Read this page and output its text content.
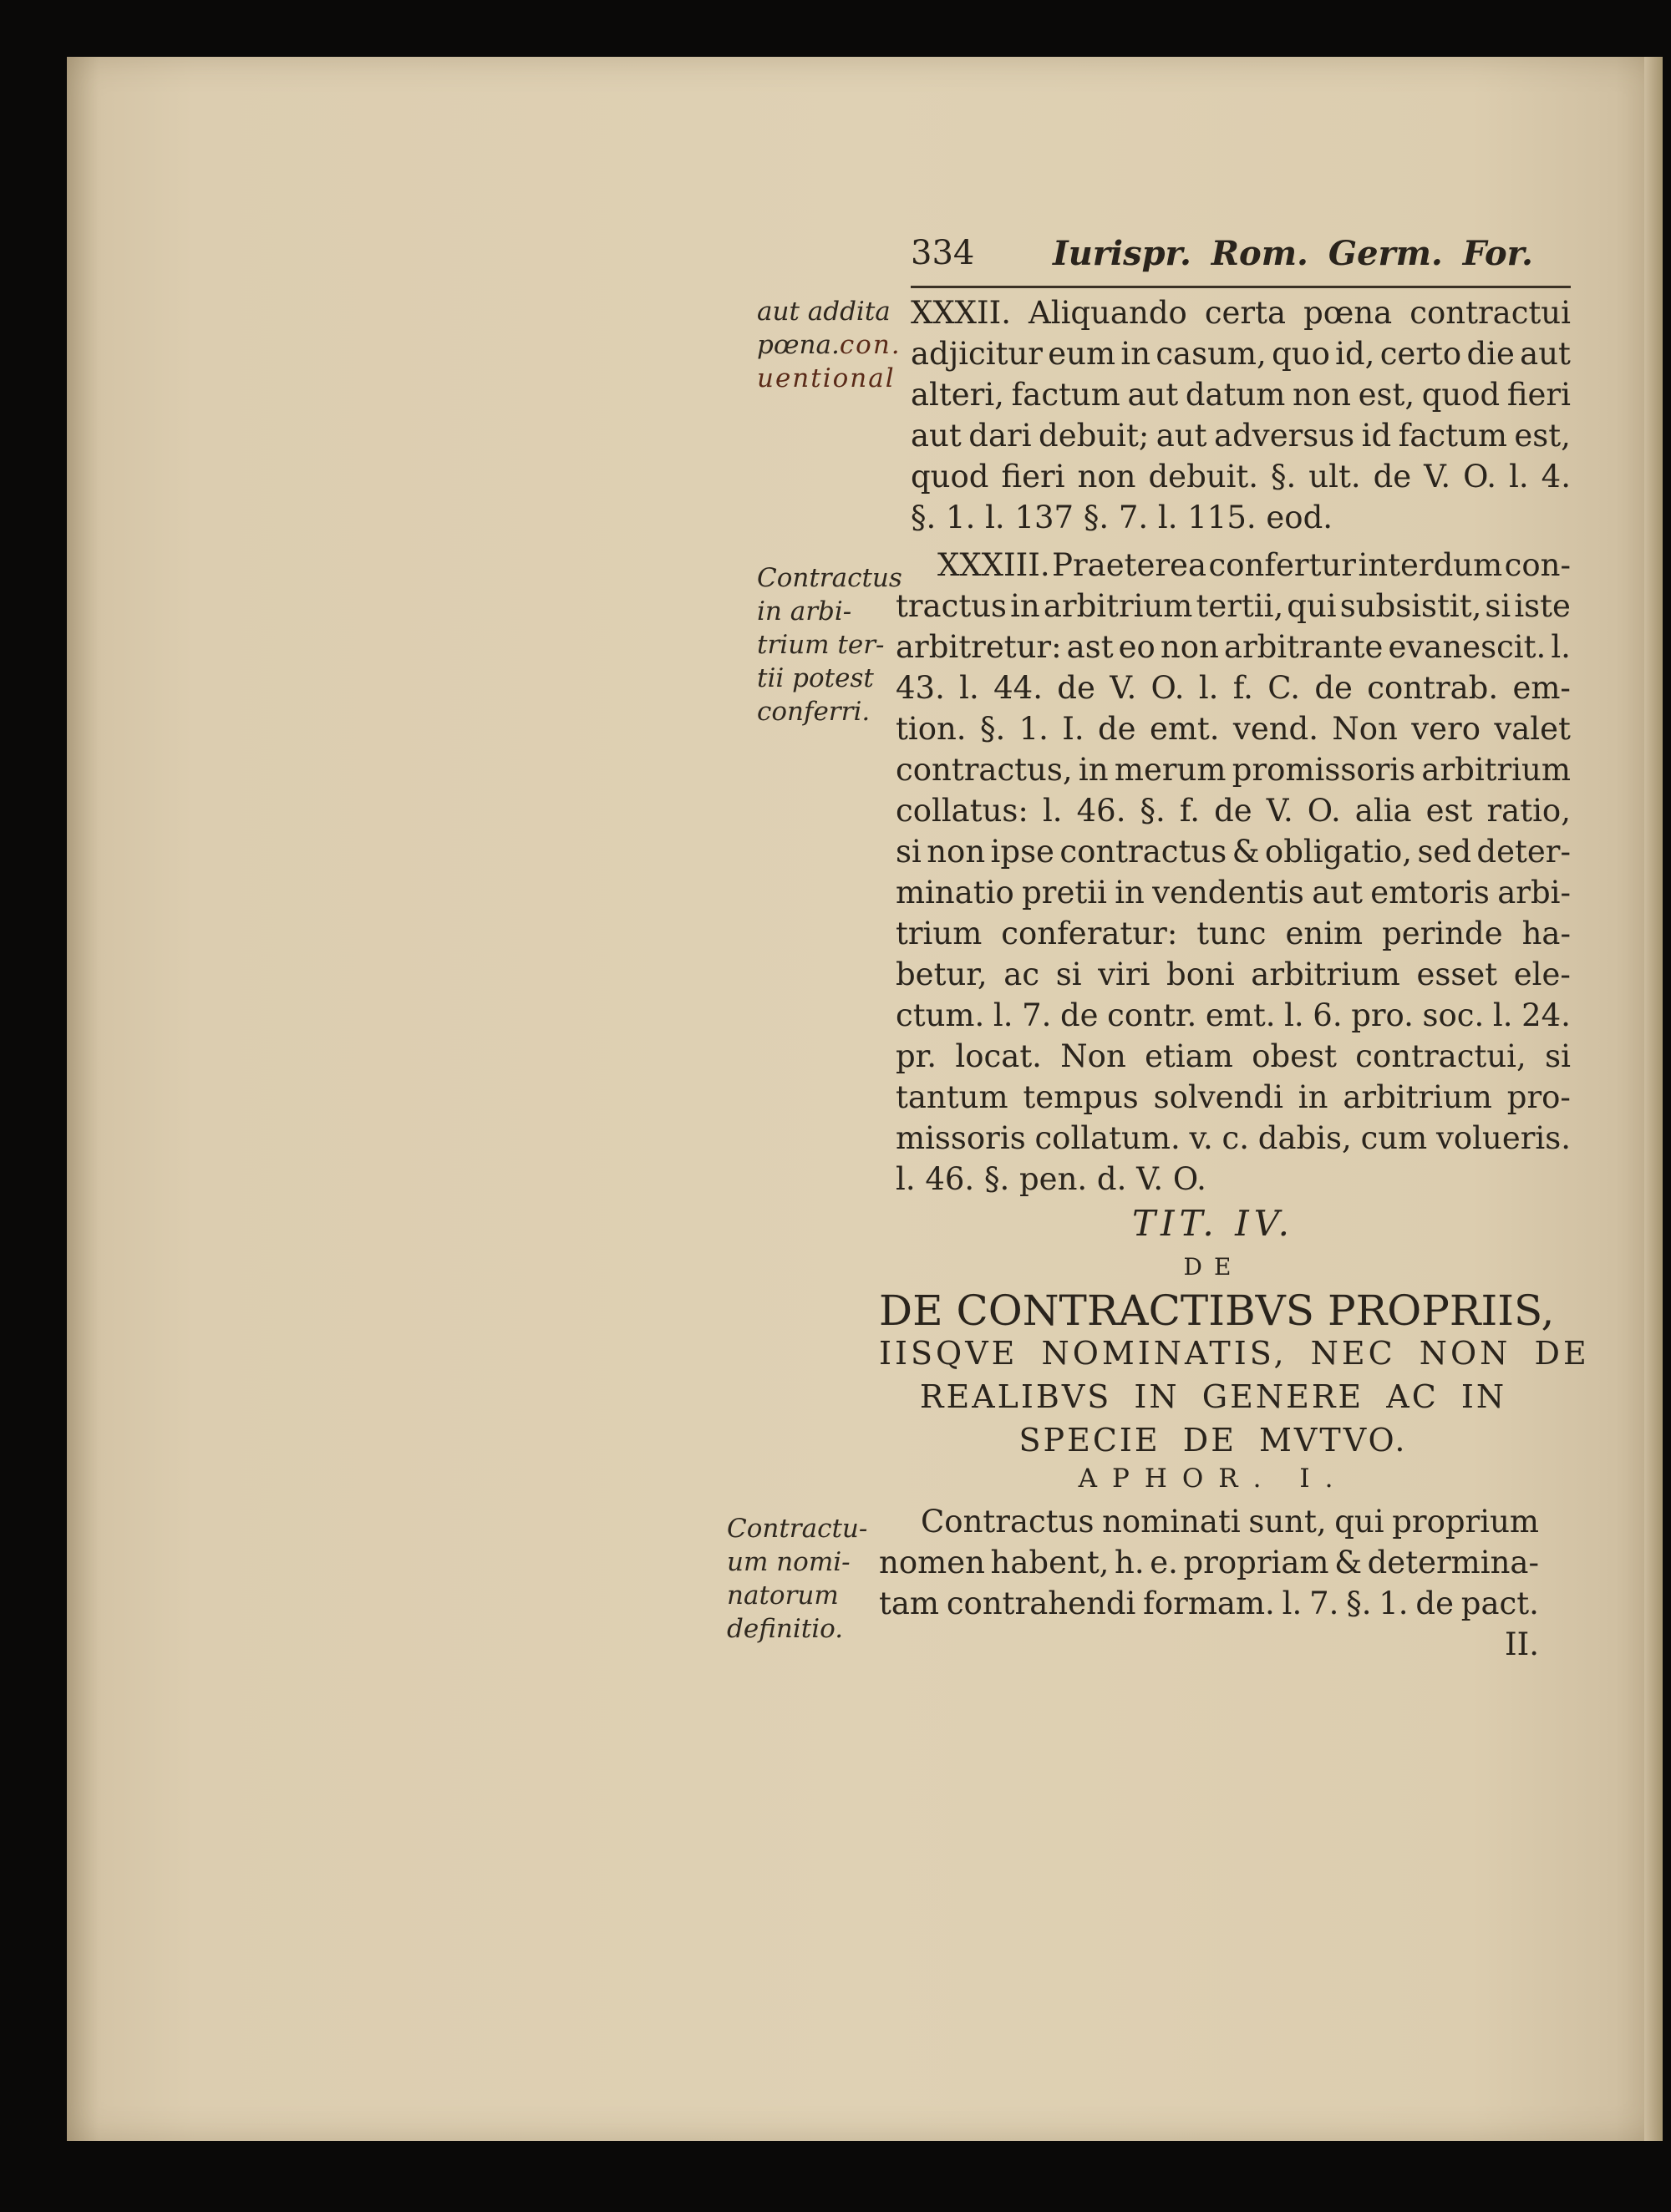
334 Iurispr. Rom. Germ. For.
aut addita
pœna.con.
uentional
XXXII. Aliquando certa pœna contractui
adjicitur eum in casum, quo id, certo die aut
alteri, factum aut datum non est, quod fieri
aut dari debuit; aut adversus id factum est,
quod fieri non debuit. §. ult. de V. O. l. 4.
§. 1. l. 137 §. 7. l. 115. eod.
Contractus
in arbi-
trium ter-
tii potest
conferri.
XXXIII. Praeterea confertur interdum con-
tractus in arbitrium tertii, qui subsistit, si iste
arbitretur: ast eo non arbitrante evanescit. l.
43. l. 44. de V. O. l. f. C. de contrab. em-
tion. §. 1. I. de emt. vend. Non vero valet
contractus, in merum promissoris arbitrium
collatus: l. 46. §. f. de V. O. alia est ratio,
si non ipse contractus & obligatio, sed deter-
minatio pretii in vendentis aut emtoris arbi-
trium conferatur: tunc enim perinde ha-
betur, ac si viri boni arbitrium esset ele-
ctum. l. 7. de contr. emt. l. 6. pro. soc. l. 24.
pr. locat. Non etiam obest contractui, si
tantum tempus solvendi in arbitrium pro-
missoris collatum. v. c. dabis, cum volueris.
l. 46. §. pen. d. V. O.
TIT. IV.
DE
DE CONTRACTIBVS PROPRIIS,
IISQVE NOMINATIS, NEC NON DE
REALIBVS IN GENERE AC IN
SPECIE DE MVTVO.
APHOR. I.
Contractu-
um nomi-
natorum
definitio.
Contractus nominati sunt, qui proprium
nomen habent, h. e. propriam & determina-
tam contrahendi formam. l. 7. §. 1. de pact.
II.
